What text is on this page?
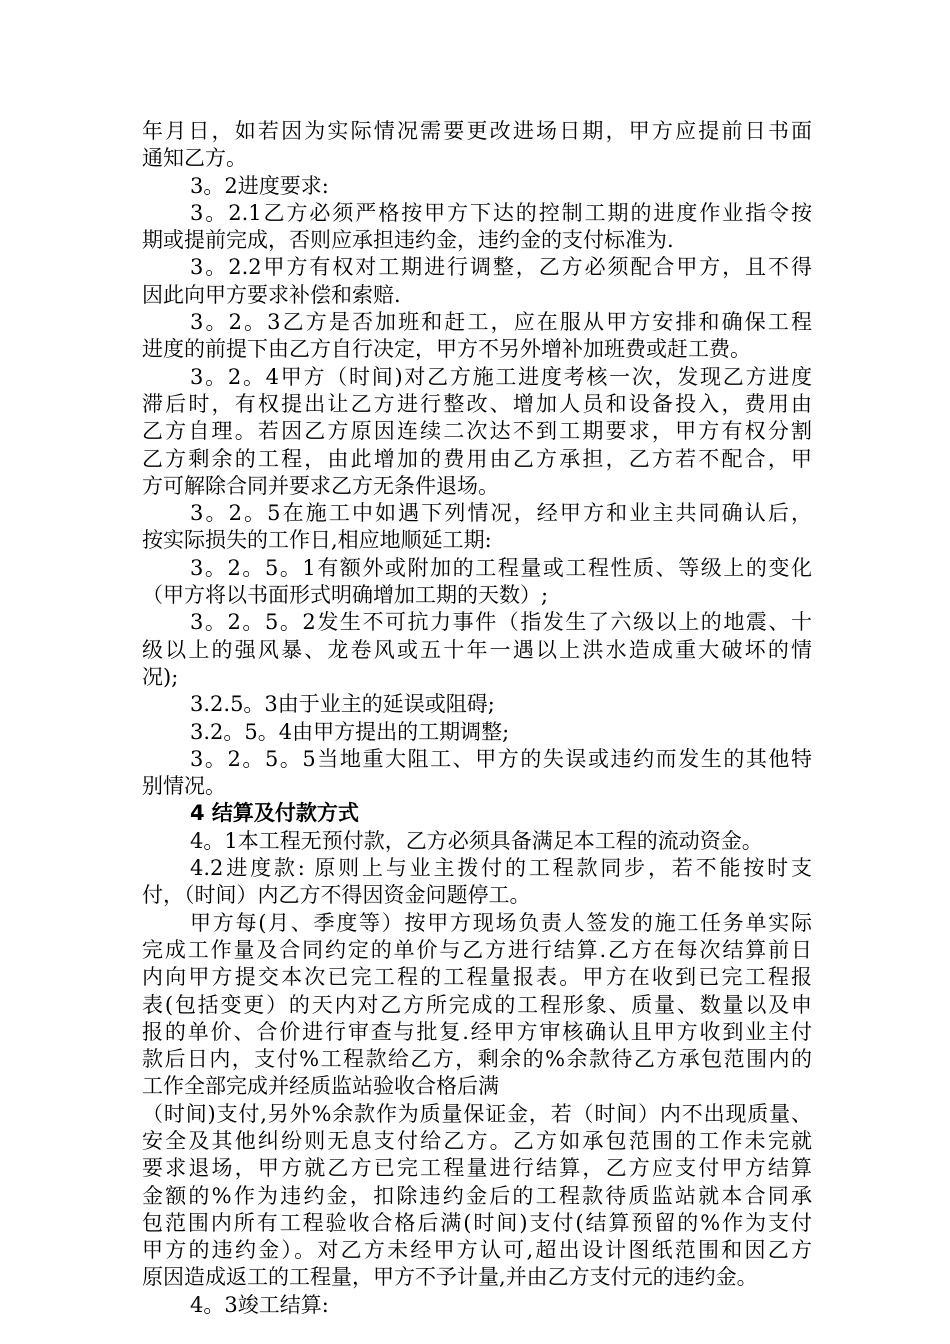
年月日，如若因为实际情况需要更改进场日期，甲方应提前日书面
通知乙方。
3。2进度要求:
3。2.1乙方必须严格按甲方下达的控制工期的进度作业指令按
期或提前完成，否则应承担违约金，违约金的支付标准为.
3。2.2甲方有权对工期进行调整，乙方必须配合甲方，且不得
因此向甲方要求补偿和索赔.
3。2。3乙方是否加班和赶工，应在服从甲方安排和确保工程
进度的前提下由乙方自行决定，甲方不另外增补加班费或赶工费。
3。2。4甲方（时间)对乙方施工进度考核一次，发现乙方进度
滞后时，有权提出让乙方进行整改、增加人员和设备投入，费用由
乙方自理。若因乙方原因连续二次达不到工期要求，甲方有权分割
乙方剩余的工程，由此增加的费用由乙方承担，乙方若不配合，甲
方可解除合同并要求乙方无条件退场。
3。2。5在施工中如遇下列情况，经甲方和业主共同确认后，
按实际损失的工作日,相应地顺延工期:
3。2。5。1有额外或附加的工程量或工程性质、等级上的变化
（甲方将以书面形式明确增加工期的天数）;
3。2。5。2发生不可抗力事件（指发生了六级以上的地震、十
级以上的强风暴、龙卷风或五十年一遇以上洪水造成重大破坏的情
况);
3.2.5。3由于业主的延误或阻碍;
3.2。5。4由甲方提出的工期调整;
3。2。5。5当地重大阻工、甲方的失误或违约而发生的其他特
别情况。
4 结算及付款方式
4。1本工程无预付款，乙方必须具备满足本工程的流动资金。
4.2进度款: 原则上与业主拨付的工程款同步，若不能按时支
付，（时间）内乙方不得因资金问题停工。
甲方每(月、季度等）按甲方现场负责人签发的施工任务单实际
完成工作量及合同约定的单价与乙方进行结算.乙方在每次结算前日
内向甲方提交本次已完工程的工程量报表。甲方在收到已完工程报
表(包括变更）的天内对乙方所完成的工程形象、质量、数量以及申
报的单价、合价进行审查与批复.经甲方审核确认且甲方收到业主付
款后日内，支付%工程款给乙方，剩余的%余款待乙方承包范围内的
工作全部完成并经质监站验收合格后满
（时间)支付,另外%余款作为质量保证金，若（时间）内不出现质量、
安全及其他纠纷则无息支付给乙方。乙方如承包范围的工作未完就
要求退场，甲方就乙方已完工程量进行结算，乙方应支付甲方结算
金额的%作为违约金，扣除违约金后的工程款待质监站就本合同承
包范围内所有工程验收合格后满(时间)支付(结算预留的%作为支付
甲方的违约金）。对乙方未经甲方认可,超出设计图纸范围和因乙方
原因造成返工的工程量，甲方不予计量,并由乙方支付元的违约金。
4。3竣工结算:
